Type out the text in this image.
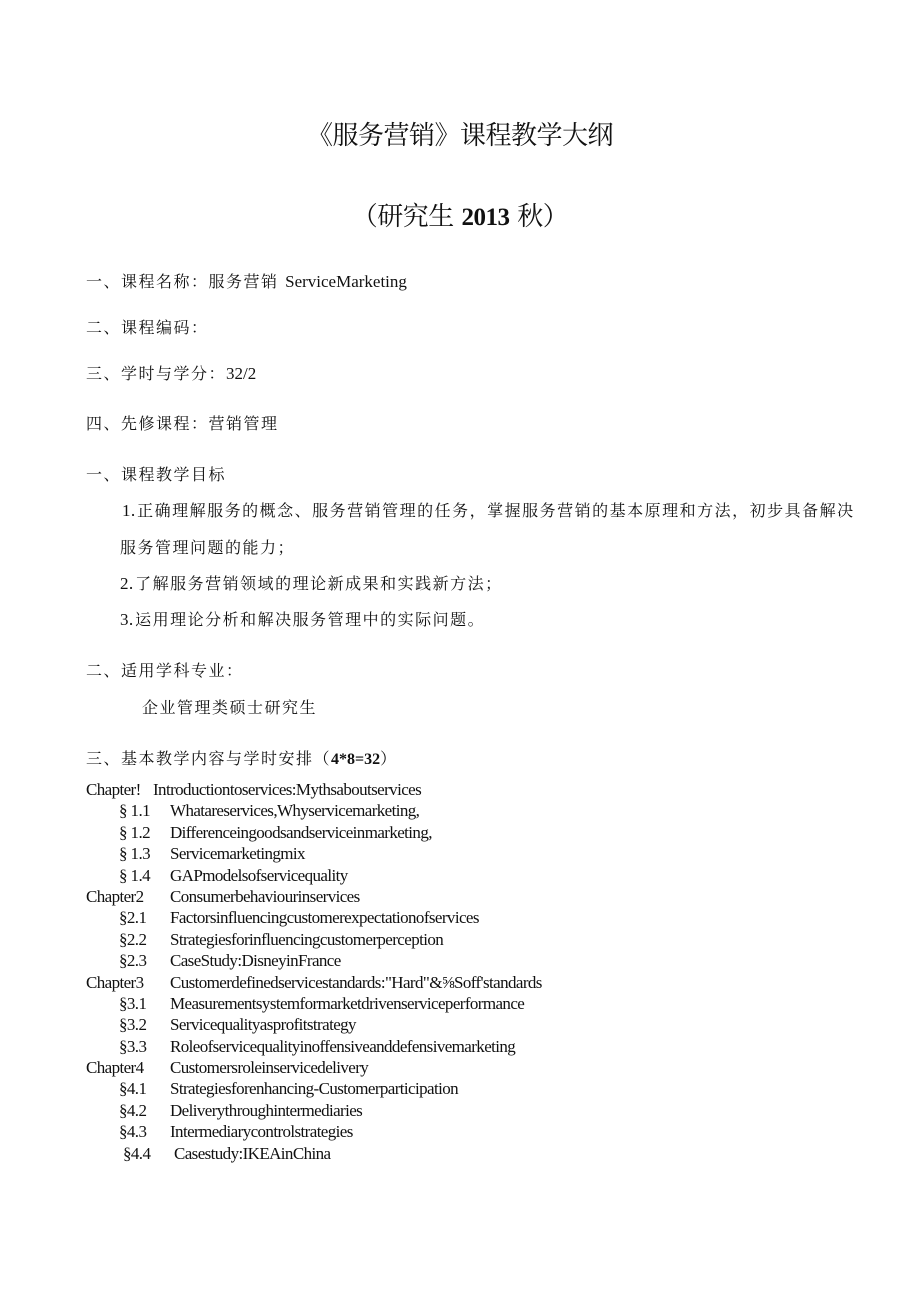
《服务营销》课程教学大纲
（研究生 2013 秋）
一、课程名称：服务营销 ServiceMarketing
二、课程编码：
三、学时与学分：32/2
四、先修课程：营销管理
一、课程教学目标
1.正确理解服务的概念、服务营销管理的任务，掌握服务营销的基本原理和方法，初步具备解决
服务管理问题的能力；
2.了解服务营销领域的理论新成果和实践新方法；
3.运用理论分析和解决服务管理中的实际问题。
二、适用学科专业：
企业管理类硕士研究生
三、基本教学内容与学时安排（4*8=32）
Chapter! Introductiontoservices:Mythsaboutservices
§ 1.1 Whatareservices,Whyservicemarketing,
§ 1.2 Differenceingoodsandserviceinmarketing,
§ 1.3 Servicemarketingmix
§ 1.4 GAPmodelsofservicequality
Chapter2 Consumerbehaviourinservices
§2.1 Factorsinfluencingcustomerexpectationofservices
§2.2 Strategiesforinfluencingcustomerperception
§2.3 CaseStudy:DisneyinFrance
Chapter3 Customerdefinedservicestandards:"Hard"&⅝Soff'standards
§3.1 Measurementsystemformarketdrivenserviceperformance
§3.2 Servicequalityasprofitstrategy
§3.3 Roleofservicequalityinoffensiveanddefensivemarketing
Chapter4 Customersroleinservicedelivery
§4.1 Strategiesforenhancing-Customerparticipation
§4.2 Deliverythroughintermediaries
§4.3 Intermediarycontrolstrategies
§4.4 Casestudy:IKEAinChina
